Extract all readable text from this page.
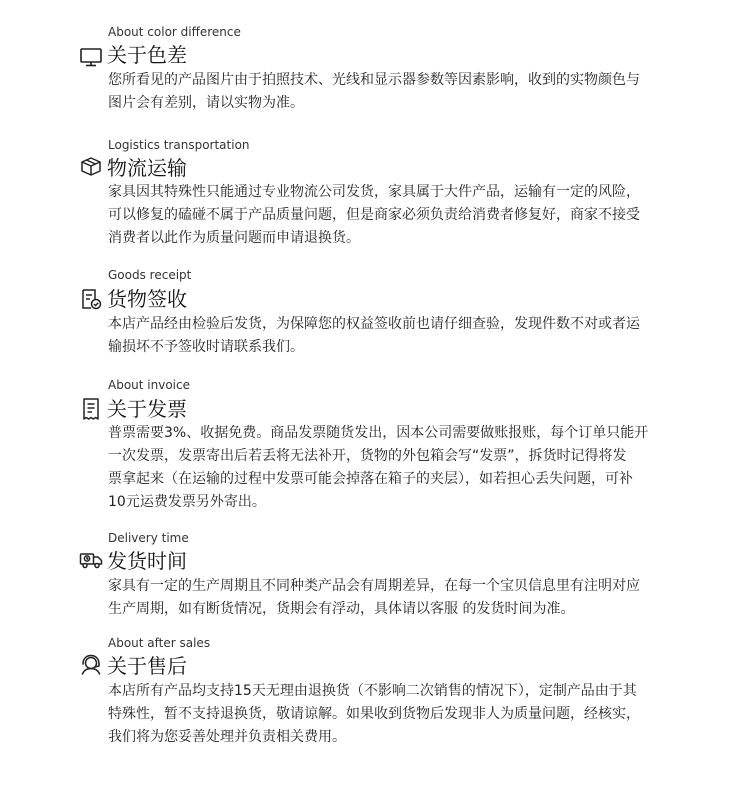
About color difference
关于色差
您所看见的产品图片由于拍照技术、光线和显示器参数等因素影响，收到的实物颜色与
图片会有差别，请以实物为准。
Logistics transportation
物流运输
家具因其特殊性只能通过专业物流公司发货，家具属于大件产品，运输有一定的风险，
可以修复的磕碰不属于产品质量问题，但是商家必须负责给消费者修复好，商家不接受
消费者以此作为质量问题而申请退换货。
Goods receipt
货物签收
本店产品经由检验后发货，为保障您的权益签收前也请仔细查验，发现件数不对或者运
输损坏不予签收时请联系我们。
About invoice
关于发票
普票需要3%、收据免费。商品发票随货发出，因本公司需要做账报账，每个订单只能开
一次发票，发票寄出后若丢将无法补开，货物的外包箱会写“发票”，拆货时记得将发
票拿起来（在运输的过程中发票可能会掉落在箱子的夹层），如若担心丢失问题，可补
10元运费发票另外寄出。
Delivery time
发货时间
家具有一定的生产周期且不同种类产品会有周期差异，在每一个宝贝信息里有注明对应
生产周期，如有断货情况，货期会有浮动，具体请以客服 的发货时间为准。
About after sales
关于售后
本店所有产品均支持15天无理由退换货（不影响二次销售的情况下），定制产品由于其
特殊性，暂不支持退换货，敬请谅解。如果收到货物后发现非人为质量问题，经核实，
我们将为您妥善处理并负责相关费用。
